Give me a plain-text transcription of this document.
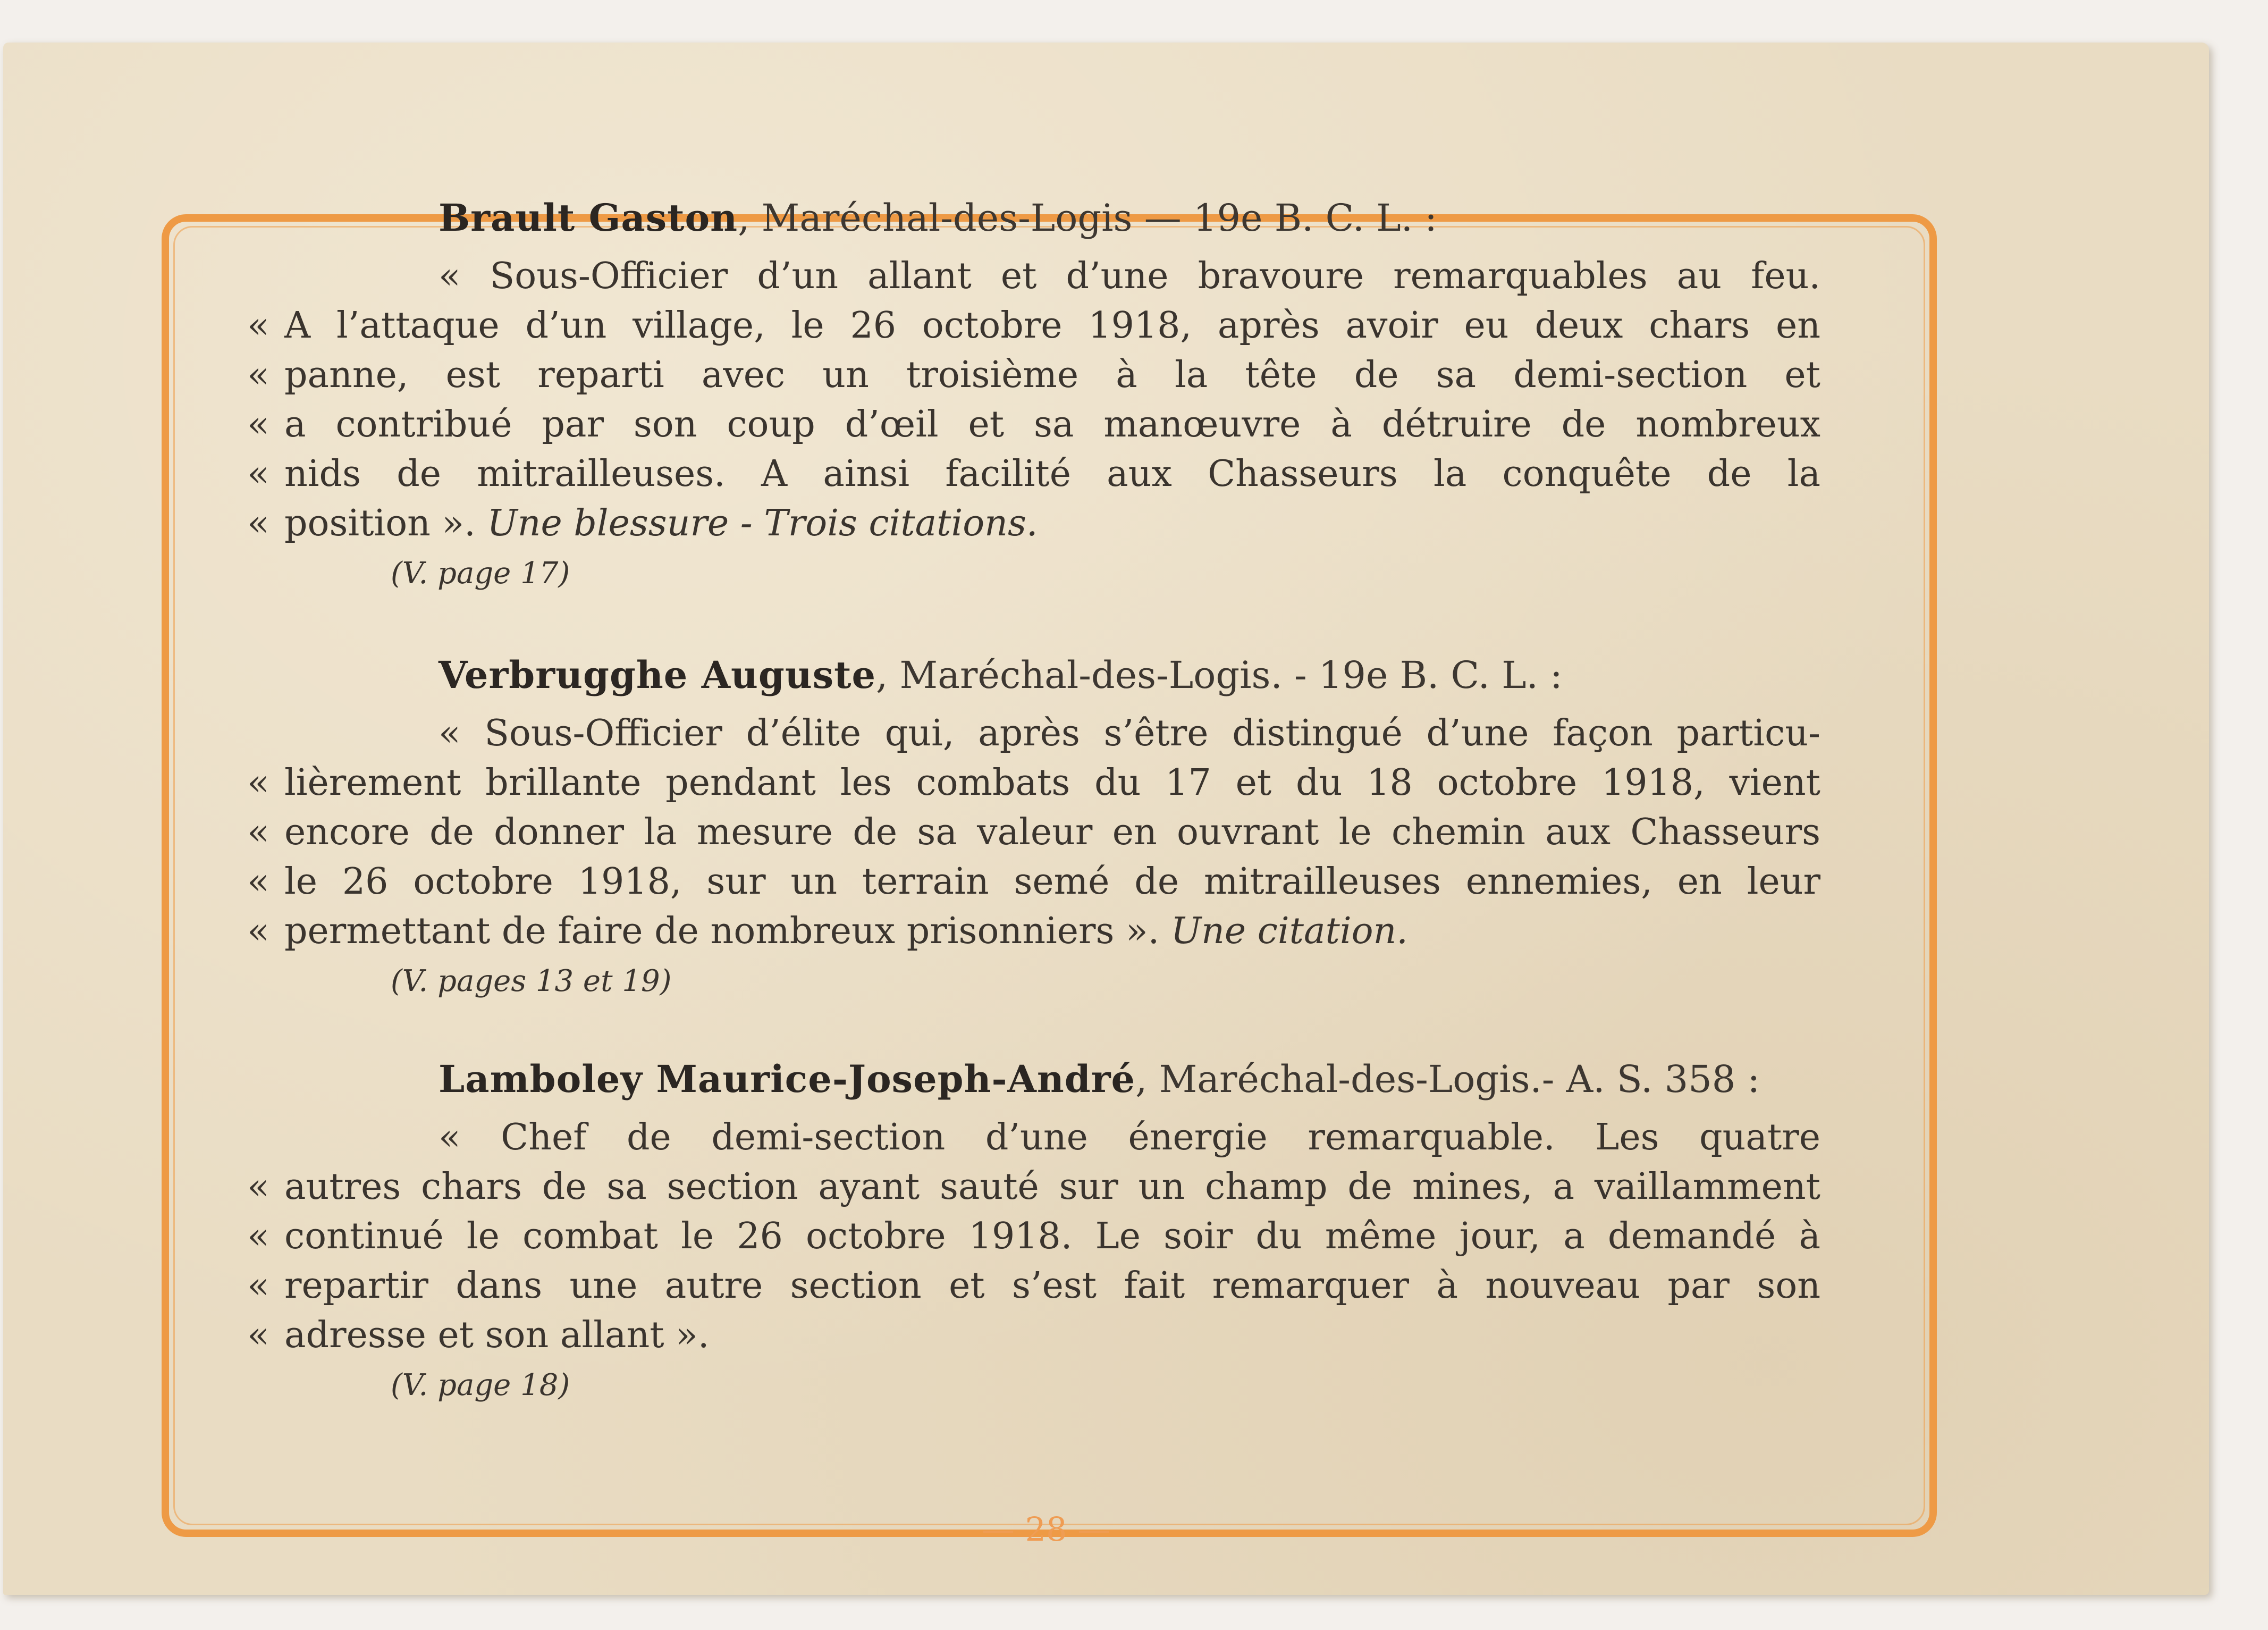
Brault Gaston, Maréchal-des-Logis — 19e B. C. L. :
« Sous-Officier d’un allant et d’une bravoure remarquables au feu.
« A l’attaque d’un village, le 26 octobre 1918, après avoir eu deux chars en
« panne, est reparti avec un troisième à la tête de sa demi-section et
« a contribué par son coup d’œil et sa manœuvre à détruire de nombreux
« nids de mitrailleuses. A ainsi facilité aux Chasseurs la conquête de la
« position ». Une blessure - Trois citations.
(V. page 17)
Verbrugghe Auguste, Maréchal-des-Logis. - 19e B. C. L. :
« Sous-Officier d’élite qui, après s’être distingué d’une façon particu-
« lièrement brillante pendant les combats du 17 et du 18 octobre 1918, vient
« encore de donner la mesure de sa valeur en ouvrant le chemin aux Chasseurs
« le 26 octobre 1918, sur un terrain semé de mitrailleuses ennemies, en leur
« permettant de faire de nombreux prisonniers ». Une citation.
(V. pages 13 et 19)
Lamboley Maurice-Joseph-André, Maréchal-des-Logis.- A. S. 358 :
« Chef de demi-section d’une énergie remarquable. Les quatre
« autres chars de sa section ayant sauté sur un champ de mines, a vaillamment
« continué le combat le 26 octobre 1918. Le soir du même jour, a demandé à
« repartir dans une autre section et s’est fait remarquer à nouveau par son
« adresse et son allant ».
(V. page 18)
— 28 —
